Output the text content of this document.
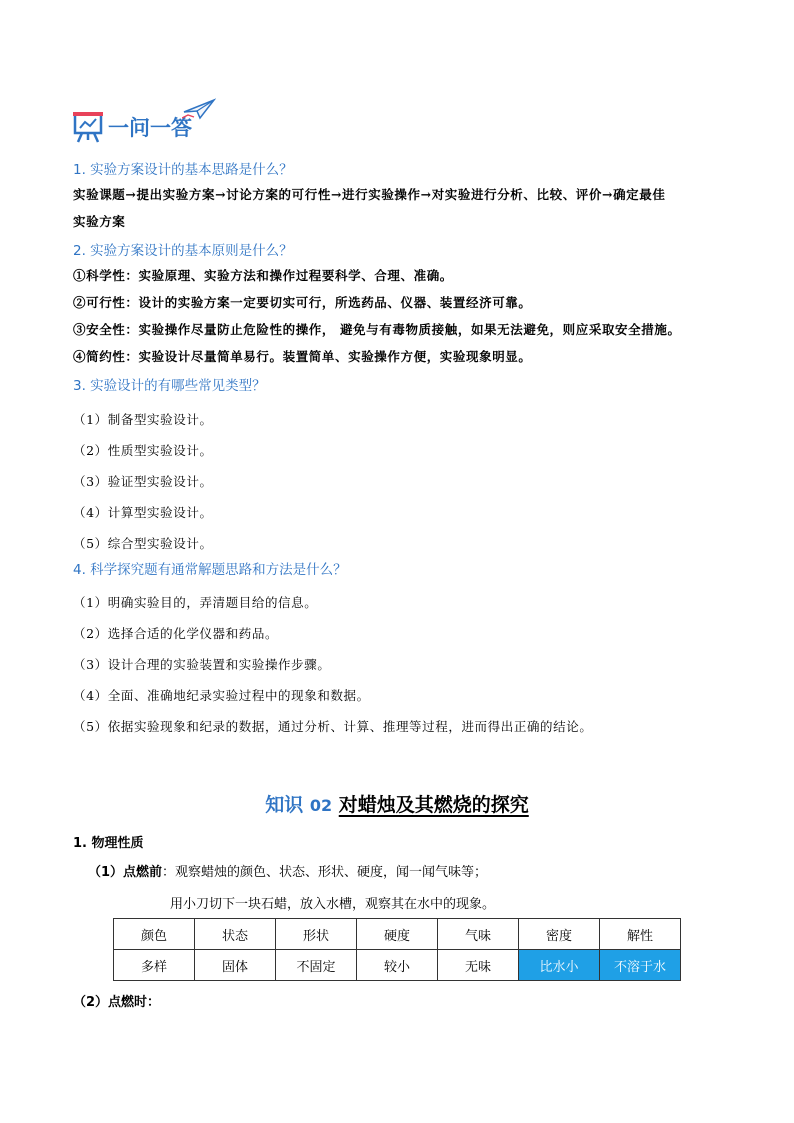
一问一答
1. 实验方案设计的基本思路是什么？
实验课题→提出实验方案→讨论方案的可行性→进行实验操作→对实验进行分析、比较、评价→确定最佳
实验方案
2. 实验方案设计的基本原则是什么？
①科学性：实验原理、实验方法和操作过程要科学、合理、准确。
②可行性：设计的实验方案一定要切实可行，所选药品、仪器、装置经济可靠。
③安全性：实验操作尽量防止危险性的操作， 避免与有毒物质接触，如果无法避免，则应采取安全措施。
④简约性：实验设计尽量简单易行。装置简单、实验操作方便，实验现象明显。
3. 实验设计的有哪些常见类型？
（1）制备型实验设计。
（2）性质型实验设计。
（3）验证型实验设计。
（4）计算型实验设计。
（5）综合型实验设计。
4. 科学探究题有通常解题思路和方法是什么？
（1）明确实验目的，弄清题目给的信息。
（2）选择合适的化学仪器和药品。
（3）设计合理的实验装置和实验操作步骤。
（4）全面、准确地纪录实验过程中的现象和数据。
（5）依据实验现象和纪录的数据，通过分析、计算、推理等过程，进而得出正确的结论。
知识 02 对蜡烛及其燃烧的探究
1. 物理性质
（1）点燃前：观察蜡烛的颜色、状态、形状、硬度，闻一闻气味等；
用小刀切下一块石蜡，放入水槽，观察其在水中的现象。
颜色	状态	形状	硬度	气味	密度	解性
多样	固体	不固定	较小	无味	比水小	不溶于水
（2）点燃时：
